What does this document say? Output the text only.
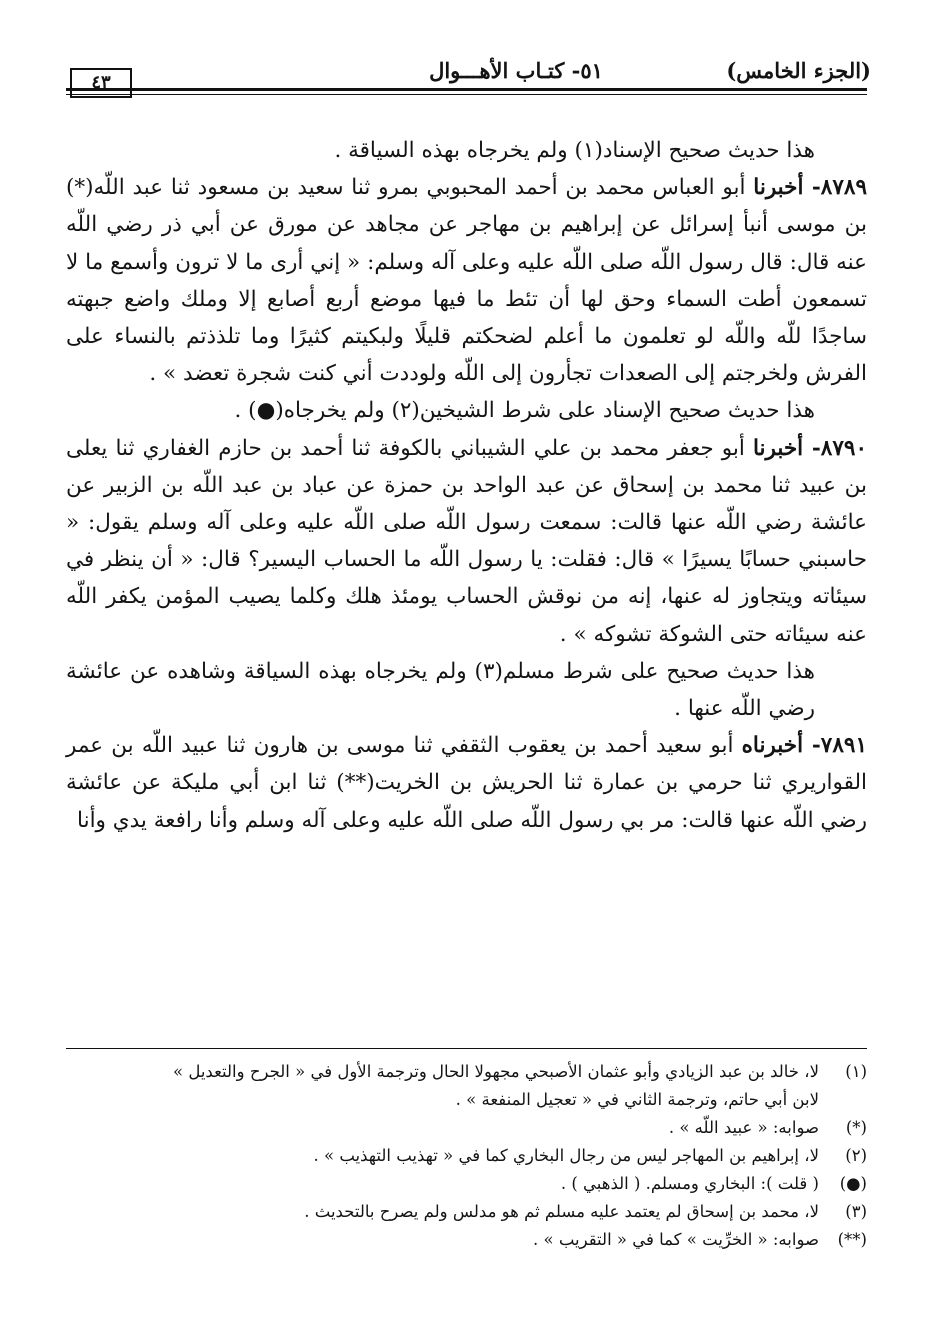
(الجزء الخامس)
٥١- كتـاب الأهـــوال
٤٣

هذا حديث صحيح الإسناد(١) ولم يخرجاه بهذه السياقة .

٨٧٨٩- أخبرنا أبو العباس محمد بن أحمد المحبوبي بمرو ثنا سعيد بن مسعود ثنا عبد اللّه(*) بن موسى أنبأ إسرائل عن إبراهيم بن مهاجر عن مجاهد عن مورق عن أبي ذر رضي اللّه عنه قال: قال رسول اللّه صلى اللّه عليه وعلى آله وسلم: « إني أرى ما لا ترون وأسمع ما لا تسمعون أطت السماء وحق لها أن تئط ما فيها موضع أربع أصابع إلا وملك واضع جبهته ساجدًا للّه واللّه لو تعلمون ما أعلم لضحكتم قليلًا ولبكيتم كثيرًا وما تلذذتم بالنساء على الفرش ولخرجتم إلى الصعدات تجأرون إلى اللّه ولوددت أني كنت شجرة تعضد » .

هذا حديث صحيح الإسناد على شرط الشيخين(٢) ولم يخرجاه(●) .

٨٧٩٠- أخبرنا أبو جعفر محمد بن علي الشيباني بالكوفة ثنا أحمد بن حازم الغفاري ثنا يعلى بن عبيد ثنا محمد بن إسحاق عن عبد الواحد بن حمزة عن عباد بن عبد اللّه بن الزبير عن عائشة رضي اللّه عنها قالت: سمعت رسول اللّه صلى اللّه عليه وعلى آله وسلم يقول: « حاسبني حسابًا يسيرًا » قال: فقلت: يا رسول اللّه ما الحساب اليسير؟ قال: « أن ينظر في سيئاته ويتجاوز له عنها، إنه من نوقش الحساب يومئذ هلك وكلما يصيب المؤمن يكفر اللّه عنه سيئاته حتى الشوكة تشوكه » .

هذا حديث صحيح على شرط مسلم(٣) ولم يخرجاه بهذه السياقة وشاهده عن عائشة رضي اللّه عنها .

٧٨٩١- أخبرناه أبو سعيد أحمد بن يعقوب الثقفي ثنا موسى بن هارون ثنا عبيد اللّه بن عمر القواريري ثنا حرمي بن عمارة ثنا الحريش بن الخريت(**) ثنا ابن أبي مليكة عن عائشة رضي اللّه عنها قالت: مر بي رسول اللّه صلى اللّه عليه وعلى آله وسلم وأنا رافعة يدي وأنا

(١)
لا، خالد بن عبد الزيادي وأبو عثمان الأصبحي مجهولا الحال وترجمة الأول في « الجرح والتعديل »
لابن أبي حاتم، وترجمة الثاني في « تعجيل المنفعة » .
(*)
صوابه: « عبيد اللّه » .
(٢)
لا، إبراهيم بن المهاجر ليس من رجال البخاري كما في « تهذيب التهذيب » .
(●)
( قلت ): البخاري ومسلم. ( الذهبي ) .
(٣)
لا، محمد بن إسحاق لم يعتمد عليه مسلم ثم هو مدلس ولم يصرح بالتحديث .
(**)
صوابه: « الخرِّيت » كما في « التقريب » .
